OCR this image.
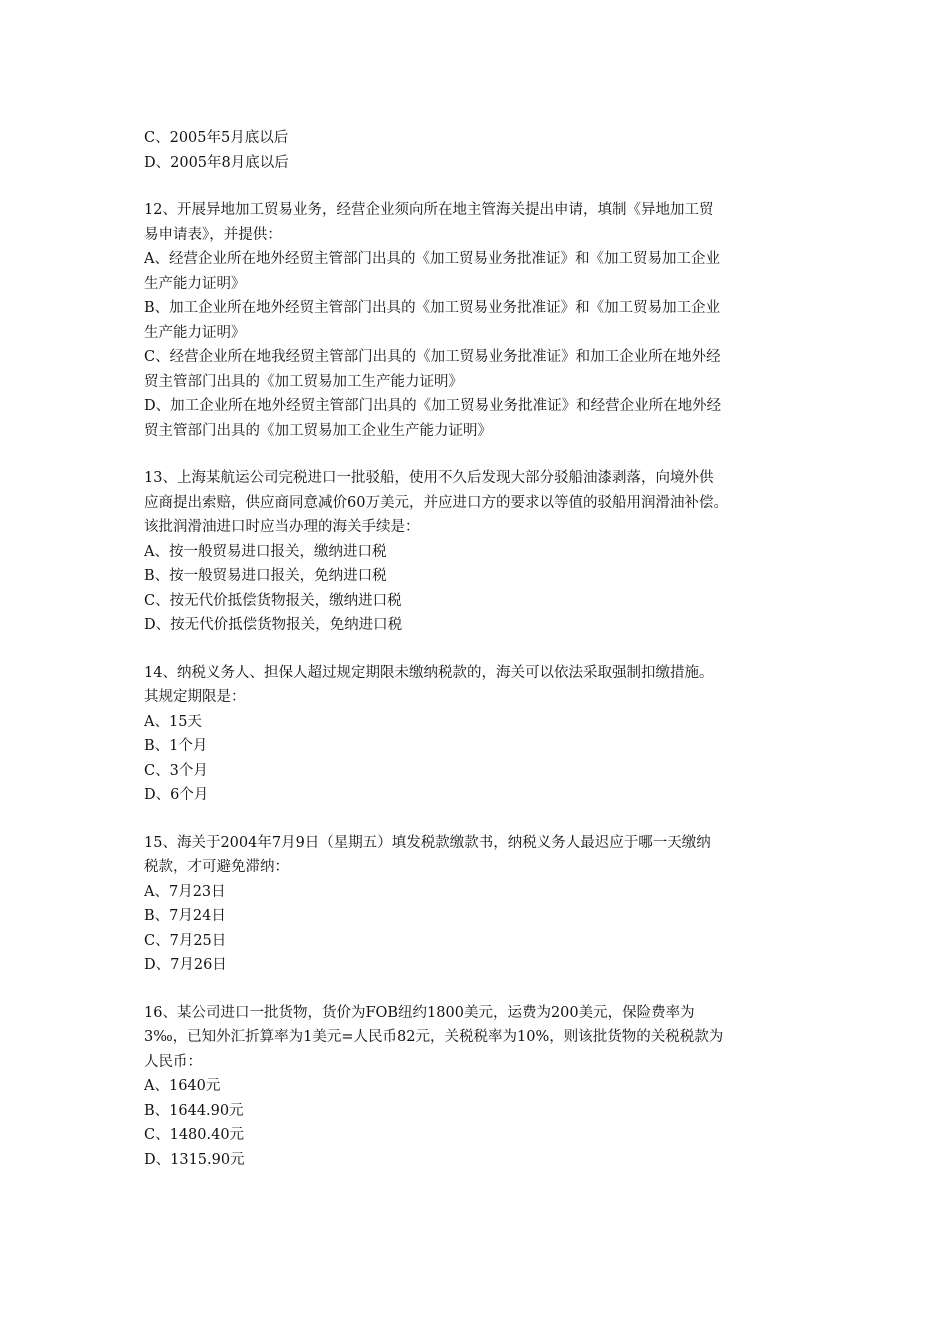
C、2005年5月底以后
D、2005年8月底以后
12、开展异地加工贸易业务，经营企业须向所在地主管海关提出申请，填制《异地加工贸
易申请表》，并提供：
A、经营企业所在地外经贸主管部门出具的《加工贸易业务批准证》和《加工贸易加工企业
生产能力证明》
B、加工企业所在地外经贸主管部门出具的《加工贸易业务批准证》和《加工贸易加工企业
生产能力证明》
C、经营企业所在地我经贸主管部门出具的《加工贸易业务批准证》和加工企业所在地外经
贸主管部门出具的《加工贸易加工生产能力证明》
D、加工企业所在地外经贸主管部门出具的《加工贸易业务批准证》和经营企业所在地外经
贸主管部门出具的《加工贸易加工企业生产能力证明》
13、上海某航运公司完税进口一批驳船，使用不久后发现大部分驳船油漆剥落，向境外供
应商提出索赔，供应商同意减价60万美元，并应进口方的要求以等值的驳船用润滑油补偿。
该批润滑油进口时应当办理的海关手续是：
A、按一般贸易进口报关，缴纳进口税
B、按一般贸易进口报关，免纳进口税
C、按无代价抵偿货物报关，缴纳进口税
D、按无代价抵偿货物报关，免纳进口税
14、纳税义务人、担保人超过规定期限未缴纳税款的，海关可以依法采取强制扣缴措施。
其规定期限是：
A、15天
B、1个月
C、3个月
D、6个月
15、海关于2004年7月9日（星期五）填发税款缴款书，纳税义务人最迟应于哪一天缴纳
税款，才可避免滞纳：
A、7月23日
B、7月24日
C、7月25日
D、7月26日
16、某公司进口一批货物，货价为FOB纽约1800美元，运费为200美元，保险费率为
3‰，已知外汇折算率为1美元=人民币82元，关税税率为10%，则该批货物的关税税款为
人民币：
A、1640元
B、1644.90元
C、1480.40元
D、1315.90元
